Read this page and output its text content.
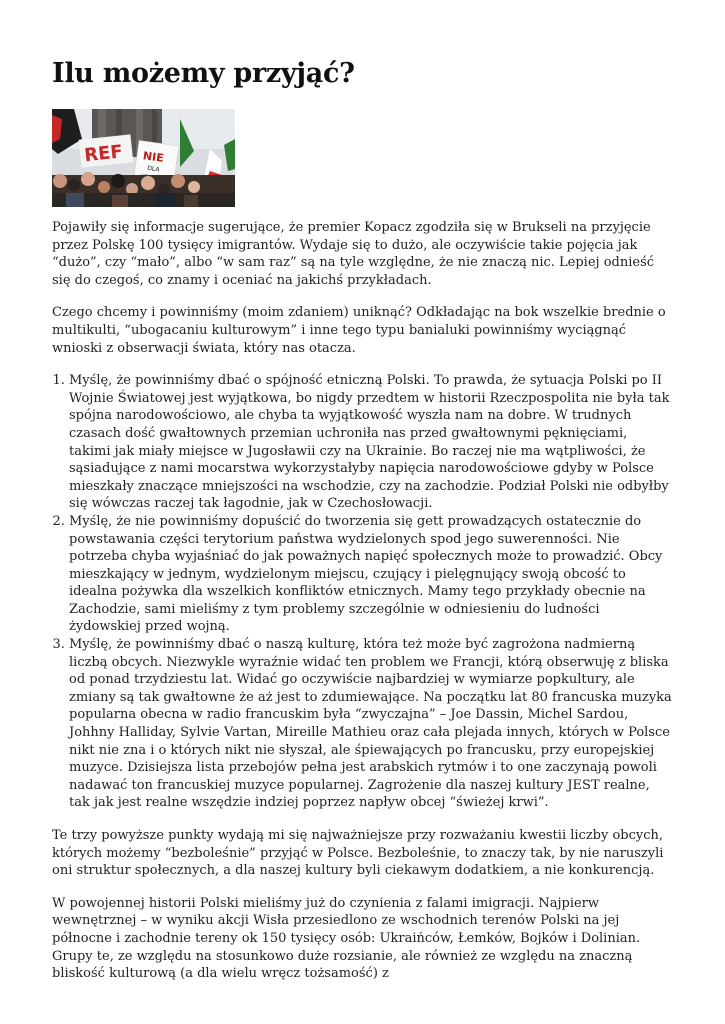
Ilu możemy przyjąć?
REF NIE
DLA

Pojawiły się informacje sugerujące, że premier Kopacz zgodziła się w Brukseli na przyjęcie przez Polskę 100 tysięcy imigrantów. Wydaje się to dużo, ale oczywiście takie pojęcia jak “dużo”, czy “mało”, albo “w sam raz” są na tyle względne, że nie znaczą nic. Lepiej odnieść się do czegoś, co znamy i oceniać na jakichś przykładach.

Czego chcemy i powinniśmy (moim zdaniem) uniknąć? Odkładając na bok wszelkie brednie o multikulti, “ubogacaniu kulturowym” i inne tego typu banialuki powinniśmy wyciągnąć wnioski z obserwacji świata, który nas otacza.

1. Myślę, że powinniśmy dbać o spójność etniczną Polski. To prawda, że sytuacja Polski po II Wojnie Światowej jest wyjątkowa, bo nigdy przedtem w historii Rzeczpospolita nie była tak spójna narodowościowo, ale chyba ta wyjątkowość wyszła nam na dobre. W trudnych czasach dość gwałtownych przemian uchroniła nas przed gwałtownymi pęknięciami, takimi jak miały miejsce w Jugosławii czy na Ukrainie. Bo raczej nie ma wątpliwości, że sąsiadujące z nami mocarstwa wykorzystałyby napięcia narodowościowe gdyby w Polsce mieszkały znaczące mniejszości na wschodzie, czy na zachodzie. Podział Polski nie odbyłby się wówczas raczej tak łagodnie, jak w Czechosłowacji.
2. Myślę, że nie powinniśmy dopuścić do tworzenia się gett prowadzących ostatecznie do powstawania części terytorium państwa wydzielonych spod jego suwerenności. Nie potrzeba chyba wyjaśniać do jak poważnych napięć społecznych może to prowadzić. Obcy mieszkający w jednym, wydzielonym miejscu, czujący i pielęgnujący swoją obcość to idealna pożywka dla wszelkich konfliktów etnicznych. Mamy tego przykłady obecnie na Zachodzie, sami mieliśmy z tym problemy szczególnie w odniesieniu do ludności żydowskiej przed wojną.
3. Myślę, że powinniśmy dbać o naszą kulturę, która też może być zagrożona nadmierną liczbą obcych. Niezwykle wyraźnie widać ten problem we Francji, którą obserwuję z bliska od ponad trzydziestu lat. Widać go oczywiście najbardziej w wymiarze popkultury, ale zmiany są tak gwałtowne że aż jest to zdumiewające. Na początku lat 80 francuska muzyka popularna obecna w radio francuskim była “zwyczajna” – Joe Dassin, Michel Sardou, Johhny Halliday, Sylvie Vartan, Mireille Mathieu oraz cała plejada innych, których w Polsce nikt nie zna i o których nikt nie słyszał, ale śpiewających po francusku, przy europejskiej muzyce. Dzisiejsza lista przebojów pełna jest arabskich rytmów i to one zaczynają powoli nadawać ton francuskiej muzyce popularnej. Zagrożenie dla naszej kultury JEST realne, tak jak jest realne wszędzie indziej poprzez napływ obcej “świeżej krwi”.

Te trzy powyższe punkty wydają mi się najważniejsze przy rozważaniu kwestii liczby obcych, których możemy “bezboleśnie” przyjąć w Polsce. Bezboleśnie, to znaczy tak, by nie naruszyli oni struktur społecznych, a dla naszej kultury byli ciekawym dodatkiem, a nie konkurencją.

W powojennej historii Polski mieliśmy już do czynienia z falami imigracji. Najpierw wewnętrznej – w wyniku akcji Wisła przesiedlono ze wschodnich terenów Polski na jej północne i zachodnie tereny ok 150 tysięcy osób: Ukraińców, Łemków, Bojków i Dolinian. Grupy te, ze względu na stosunkowo duże rozsianie, ale również ze względu na znaczną bliskość kulturową (a dla wielu wręcz tożsamość) z
